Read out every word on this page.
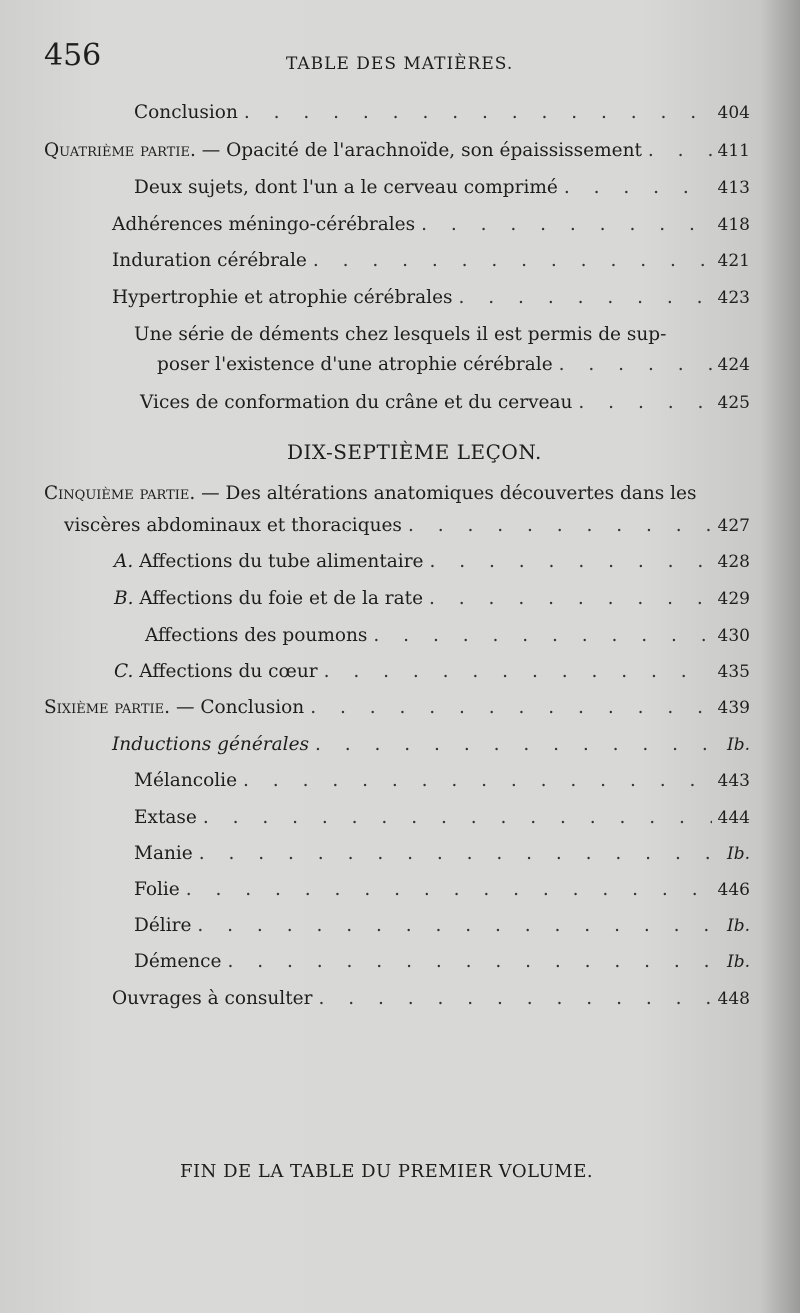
456	TABLE DES MATIÈRES.
Conclusion . . .	404
Quatrième partie. — Opacité de l'arachnoïde, son épaississement . . .	411
Deux sujets, dont l'un a le cerveau comprimé . . .	413
Adhérences méningo-cérébrales . . .	418
Induration cérébrale . . .	421
Hypertrophie et atrophie cérébrales . . .	423
Une série de déments chez lesquels il est permis de sup-
poser l'existence d'une atrophie cérébrale . . .	424
Vices de conformation du crâne et du cerveau . . .	425
DIX-SEPTIÈME LEÇON.
Cinquième partie. — Des altérations anatomiques découvertes dans les
viscères abdominaux et thoraciques . . .	427
A. Affections du tube alimentaire . . .	428
B. Affections du foie et de la rate . . .	429
Affections des poumons . . .	430
C. Affections du cœur . . .	435
Sixième partie. — Conclusion . . .	439
Inductions générales . . .	Ib.
Mélancolie . . .	443
Extase . . .	444
Manie . . .	Ib.
Folie . . .	446
Délire . . .	Ib.
Démence . . .	Ib.
Ouvrages à consulter . . .	448
FIN DE LA TABLE DU PREMIER VOLUME.
